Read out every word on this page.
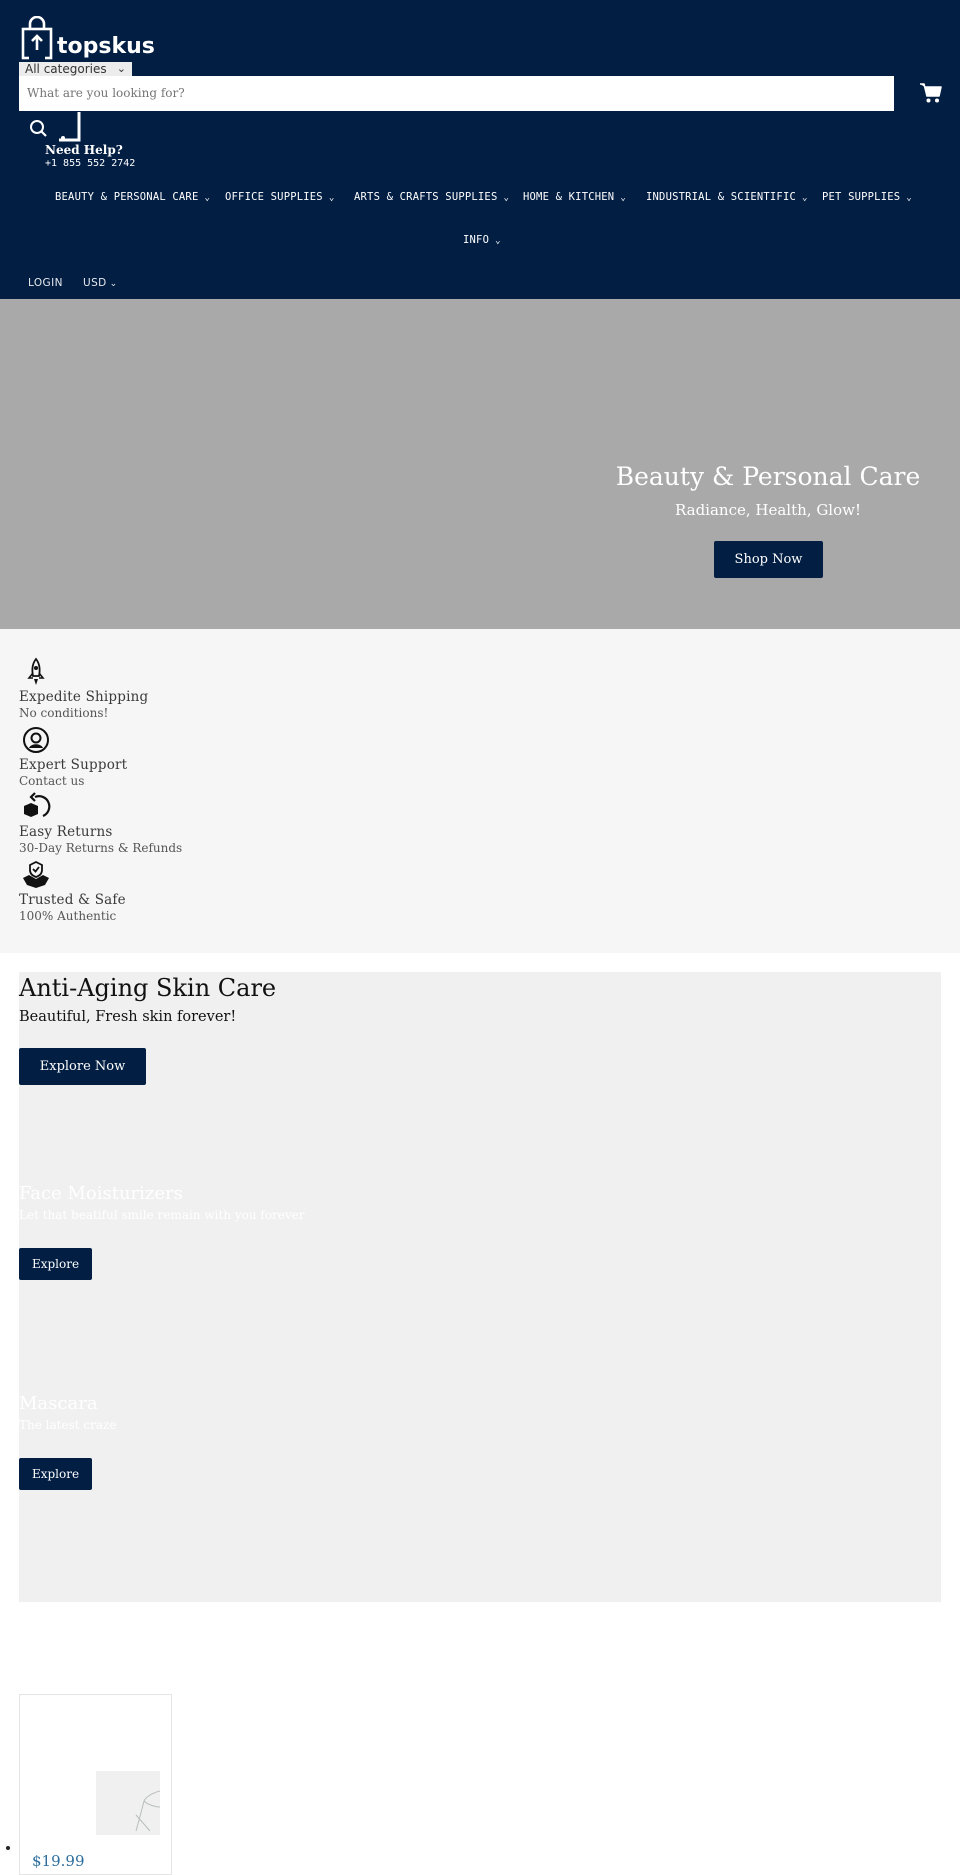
topskus
All categories ⌄
What are you looking for?
Need Help?
+1 855 552 2742
BEAUTY & PERSONAL CARE ⌄ OFFICE SUPPLIES ⌄ ARTS & CRAFTS SUPPLIES ⌄ HOME & KITCHEN ⌄ INDUSTRIAL & SCIENTIFIC ⌄ PET SUPPLIES ⌄
INFO ⌄
LOGIN USD ⌄
Beauty & Personal Care
Radiance, Health, Glow!
Shop Now
Expedite Shipping
No conditions!
Expert Support
Contact us
Easy Returns
30-Day Returns & Refunds
Trusted & Safe
100% Authentic
Anti-Aging Skin Care
Beautiful, Fresh skin forever!
Explore Now
Face Moisturizers
Let that beatiful smile remain with you forever
Explore
Mascara
The latest craze
Explore
$19.99
